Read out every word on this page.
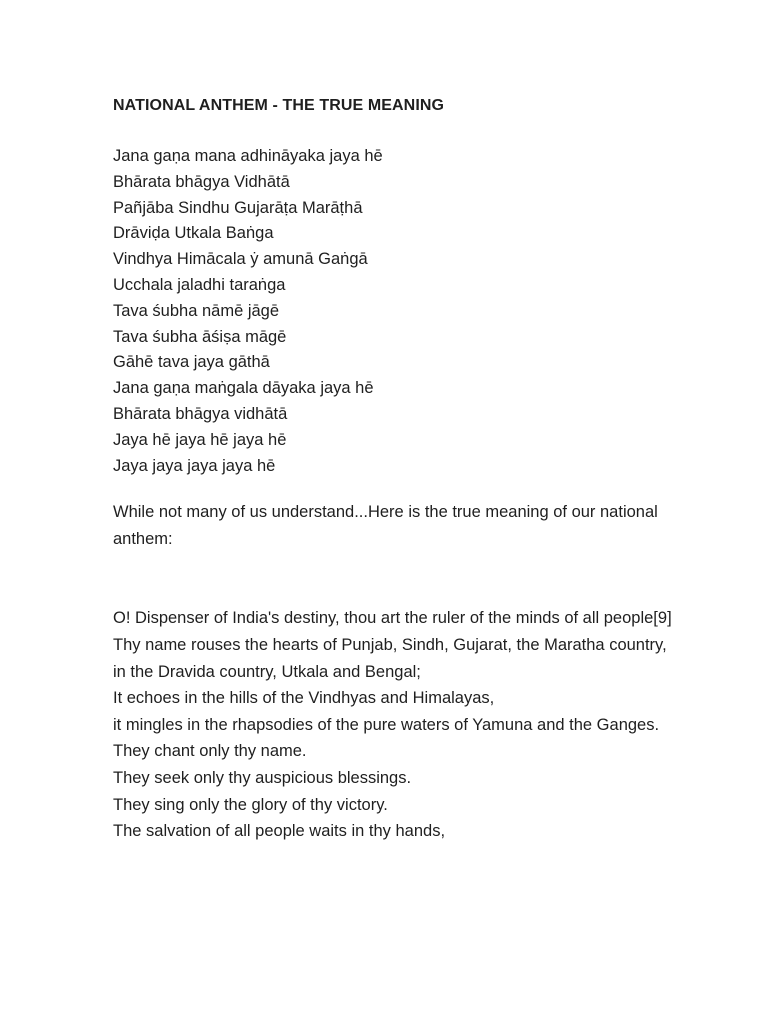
NATIONAL ANTHEM - THE TRUE MEANING
Jana gaṇa mana adhināyaka jaya hē
Bhārata bhāgya Vidhātā
Pañjāba Sindhu Gujarāṭa Marāṭhā
Drāviḍa Utkala Baṅga
Vindhya Himācala ẏ amunā Gaṅgā
Ucchala jaladhi taraṅga
Tava śubha nāmē jāgē
Tava śubha āśiṣa māgē
Gāhē tava jaya gāthā
Jana gaṇa maṅgala dāyaka jaya hē
Bhārata bhāgya vidhātā
Jaya hē jaya hē jaya hē
Jaya jaya jaya jaya hē

While not many of us understand...Here is the true meaning of our national anthem:

O! Dispenser of India's destiny, thou art the ruler of the minds of all people[9]
Thy name rouses the hearts of Punjab, Sindh, Gujarat, the Maratha country,
in the Dravida country, Utkala and Bengal;
It echoes in the hills of the Vindhyas and Himalayas,
it mingles in the rhapsodies of the pure waters of Yamuna and the Ganges.
They chant only thy name.
They seek only thy auspicious blessings.
They sing only the glory of thy victory.
The salvation of all people waits in thy hands,
